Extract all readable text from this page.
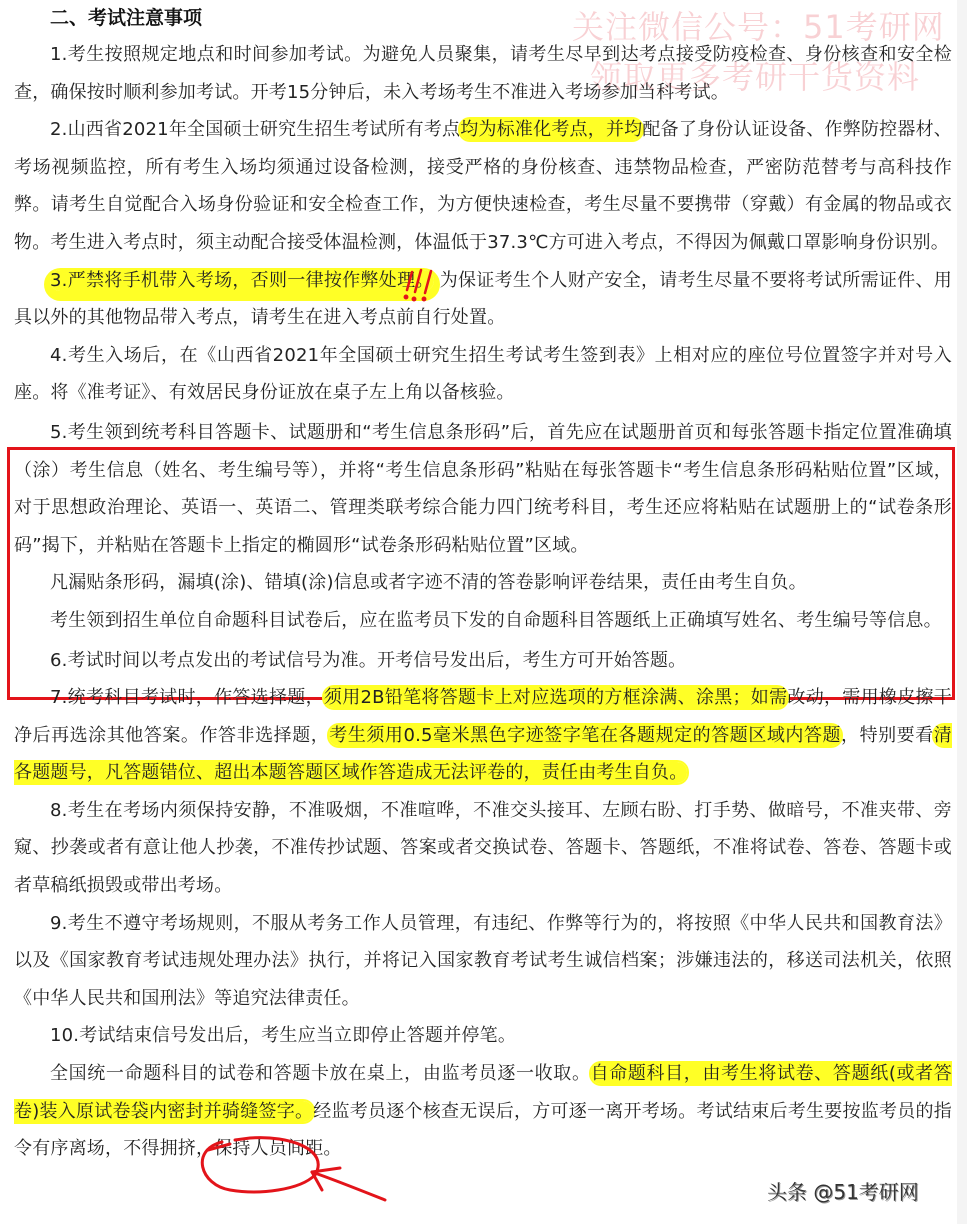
二、考试注意事项	关注微信公号：51考研网
领取更多考研干货资料

1.考生按照规定地点和时间参加考试。为避免人员聚集，请考生尽早到达考点接受防疫检查、身份核查和安全检查，确保按时顺利参加考试。开考15分钟后，未入考场考生不准进入考场参加当科考试。

2.山西省2021年全国硕士研究生招生考试所有考点均为标准化考点，并均配备了身份认证设备、作弊防控器材、考场视频监控，所有考生入场均须通过设备检测，接受严格的身份核查、违禁物品检查，严密防范替考与高科技作弊。请考生自觉配合入场身份验证和安全检查工作，为方便快速检查，考生尽量不要携带（穿戴）有金属的物品或衣物。考生进入考点时，须主动配合接受体温检测，体温低于37.3℃方可进入考点，不得因为佩戴口罩影响身份识别。

3.严禁将手机带入考场，否则一律按作弊处理。 为保证考生个人财产安全，请考生尽量不要将考试所需证件、用具以外的其他物品带入考点，请考生在进入考点前自行处置。

4.考生入场后，在《山西省2021年全国硕士研究生招生考试考生签到表》上相对应的座位号位置签字并对号入座。将《准考证》、有效居民身份证放在桌子左上角以备核验。

5.考生领到统考科目答题卡、试题册和“考生信息条形码”后，首先应在试题册首页和每张答题卡指定位置准确填（涂）考生信息（姓名、考生编号等），并将“考生信息条形码”粘贴在每张答题卡“考生信息条形码粘贴位置”区域，对于思想政治理论、英语一、英语二、管理类联考综合能力四门统考科目，考生还应将粘贴在试题册上的“试卷条形码”揭下，并粘贴在答题卡上指定的椭圆形“试卷条形码粘贴位置”区域。

凡漏贴条形码，漏填(涂)、错填(涂)信息或者字迹不清的答卷影响评卷结果，责任由考生自负。

考生领到招生单位自命题科目试卷后，应在监考员下发的自命题科目答题纸上正确填写姓名、考生编号等信息。

6.考试时间以考点发出的考试信号为准。开考信号发出后，考生方可开始答题。

7.统考科目考试时，作答选择题，须用2B铅笔将答题卡上对应选项的方框涂满、涂黑；如需改动，需用橡皮擦干净后再选涂其他答案。作答非选择题，考生须用0.5毫米黑色字迹签字笔在各题规定的答题区域内答题，特别要看清各题题号，凡答题错位、超出本题答题区域作答造成无法评卷的，责任由考生自负。

8.考生在考场内须保持安静，不准吸烟，不准喧哗，不准交头接耳、左顾右盼、打手势、做暗号，不准夹带、旁窥、抄袭或者有意让他人抄袭，不准传抄试题、答案或者交换试卷、答题卡、答题纸，不准将试卷、答卷、答题卡或者草稿纸损毁或带出考场。

9.考生不遵守考场规则，不服从考务工作人员管理，有违纪、作弊等行为的，将按照《中华人民共和国教育法》以及《国家教育考试违规处理办法》执行，并将记入国家教育考试考生诚信档案；涉嫌违法的，移送司法机关，依照《中华人民共和国刑法》等追究法律责任。

10.考试结束信号发出后，考生应当立即停止答题并停笔。

全国统一命题科目的试卷和答题卡放在桌上，由监考员逐一收取。自命题科目，由考生将试卷、答题纸(或者答卷)装入原试卷袋内密封并骑缝签字。经监考员逐个核查无误后，方可逐一离开考场。考试结束后考生要按监考员的指令有序离场，不得拥挤，保持人员间距。

头条 @51考研网
